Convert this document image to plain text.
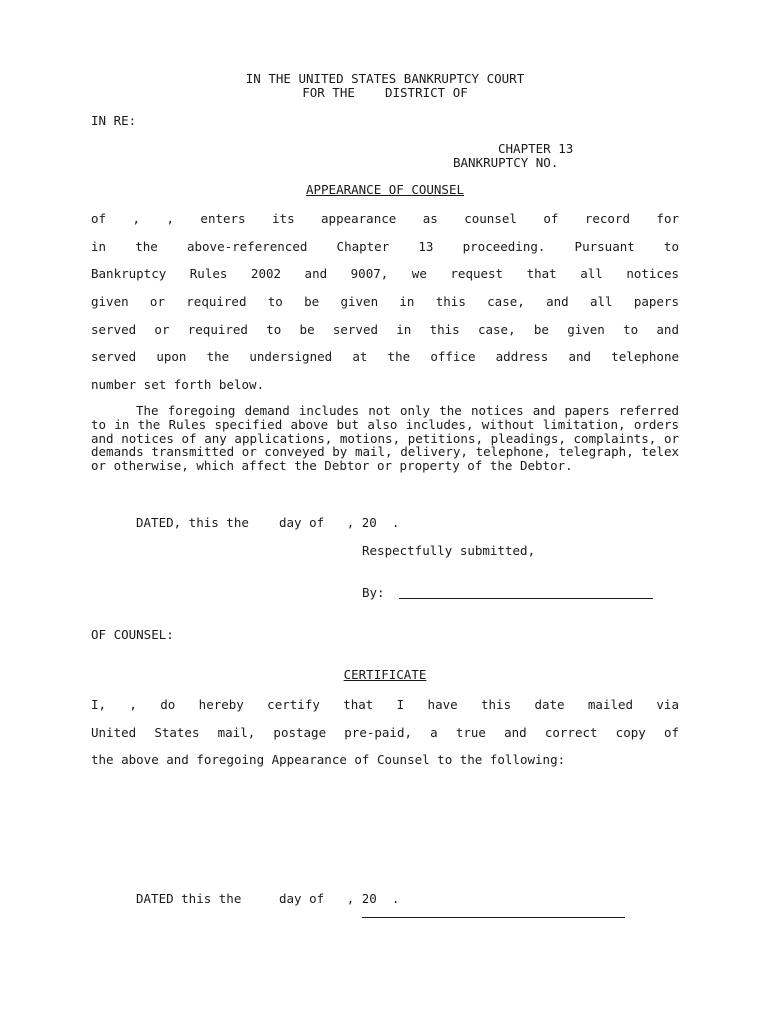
IN THE UNITED STATES BANKRUPTCY COURT
FOR THE    DISTRICT OF
IN RE:
CHAPTER 13
BANKRUPTCY NO.
APPEARANCE OF COUNSEL
of , , enters its appearance as counsel of record for
in the above-referenced Chapter 13 proceeding. Pursuant to
Bankruptcy Rules 2002 and 9007, we request that all notices
given or required to be given in this case, and all papers
served or required to be served in this case, be given to and
served upon the undersigned at the office address and telephone
number set forth below.
The foregoing demand includes not only the notices and papers referred to in the Rules specified above but also includes, without limitation, orders and notices of any applications, motions, petitions, pleadings, complaints, or demands transmitted or conveyed by mail, delivery, telephone, telegraph, telex or otherwise, which affect the Debtor or property of the Debtor.
DATED, this the    day of   , 20  .
Respectfully submitted,
By:
OF COUNSEL:
CERTIFICATE
I, , do hereby certify that I have this date mailed via
United States mail, postage pre-paid, a true and correct copy of
the above and foregoing Appearance of Counsel to the following:
DATED this the     day of   , 20  .
